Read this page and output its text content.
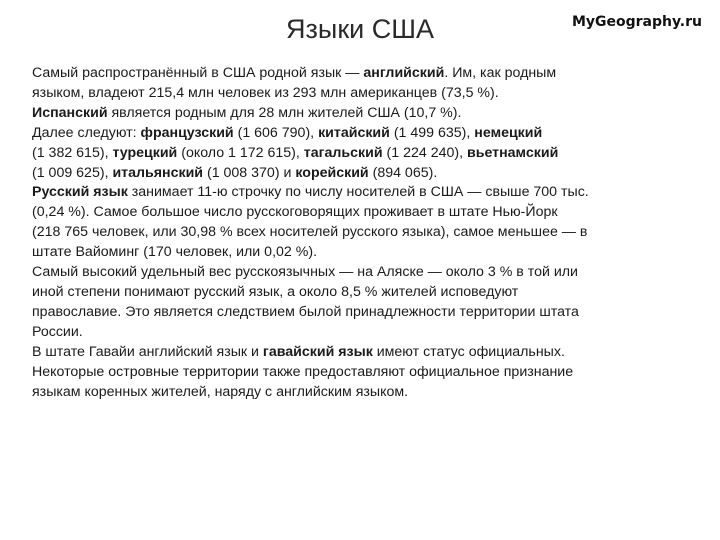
Языки США	MyGeography.ru
Самый распространённый в США родной язык — английский. Им, как родным
языком, владеют 215,4 млн человек из 293 млн американцев (73,5 %).
Испанский является родным для 28 млн жителей США (10,7 %).
Далее следуют: французский (1 606 790), китайский (1 499 635), немецкий
(1 382 615), турецкий (около 1 172 615), тагальский (1 224 240), вьетнамский
(1 009 625), итальянский (1 008 370) и корейский (894 065).
Русский язык занимает 11-ю строчку по числу носителей в США — свыше 700 тыс.
(0,24 %). Самое большое число русскоговорящих проживает в штате Нью-Йорк
(218 765 человек, или 30,98 % всех носителей русского языка), самое меньшее — в
штате Вайоминг (170 человек, или 0,02 %).
Самый высокий удельный вес русскоязычных — на Аляске — около 3 % в той или
иной степени понимают русский язык, а около 8,5 % жителей исповедуют
православие. Это является следствием былой принадлежности территории штата
России.
В штате Гавайи английский язык и гавайский язык имеют статус официальных.
Некоторые островные территории также предоставляют официальное признание
языкам коренных жителей, наряду с английским языком.
